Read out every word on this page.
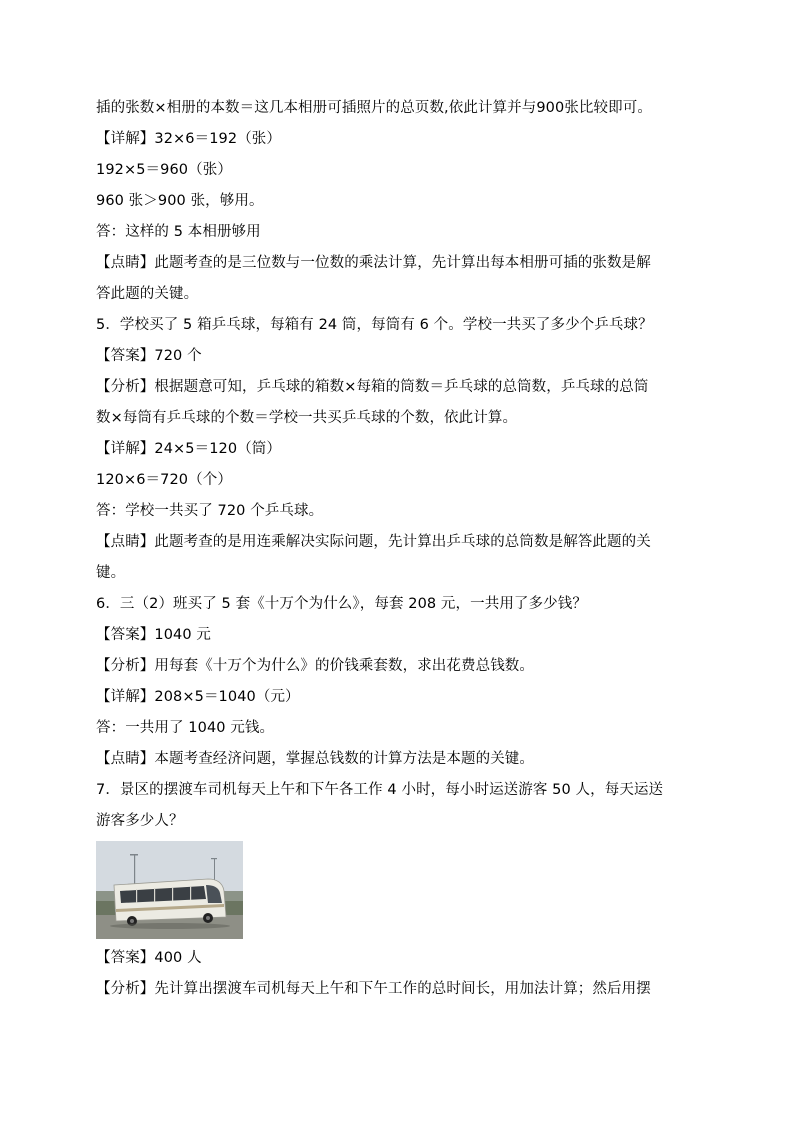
插的张数×相册的本数＝这几本相册可插照片的总页数,依此计算并与900张比较即可。
【详解】32×6＝192（张）
192×5＝960（张）
960 张＞900 张，够用。
答：这样的 5 本相册够用
【点睛】此题考查的是三位数与一位数的乘法计算，先计算出每本相册可插的张数是解
答此题的关键。
5．学校买了 5 箱乒乓球，每箱有 24 筒，每筒有 6 个。学校一共买了多少个乒乓球？
【答案】720 个
【分析】根据题意可知，乒乓球的箱数×每箱的筒数＝乒乓球的总筒数，乒乓球的总筒
数×每筒有乒乓球的个数＝学校一共买乒乓球的个数，依此计算。
【详解】24×5＝120（筒）
120×6＝720（个）
答：学校一共买了 720 个乒乓球。
【点睛】此题考查的是用连乘解决实际问题，先计算出乒乓球的总筒数是解答此题的关
键。
6．三（2）班买了 5 套《十万个为什么》，每套 208 元，一共用了多少钱？
【答案】1040 元
【分析】用每套《十万个为什么》的价钱乘套数，求出花费总钱数。
【详解】208×5＝1040（元）
答：一共用了 1040 元钱。
【点睛】本题考查经济问题，掌握总钱数的计算方法是本题的关键。
7．景区的摆渡车司机每天上午和下午各工作 4 小时，每小时运送游客 50 人，每天运送
游客多少人？
【答案】400 人
【分析】先计算出摆渡车司机每天上午和下午工作的总时间长，用加法计算；然后用摆
